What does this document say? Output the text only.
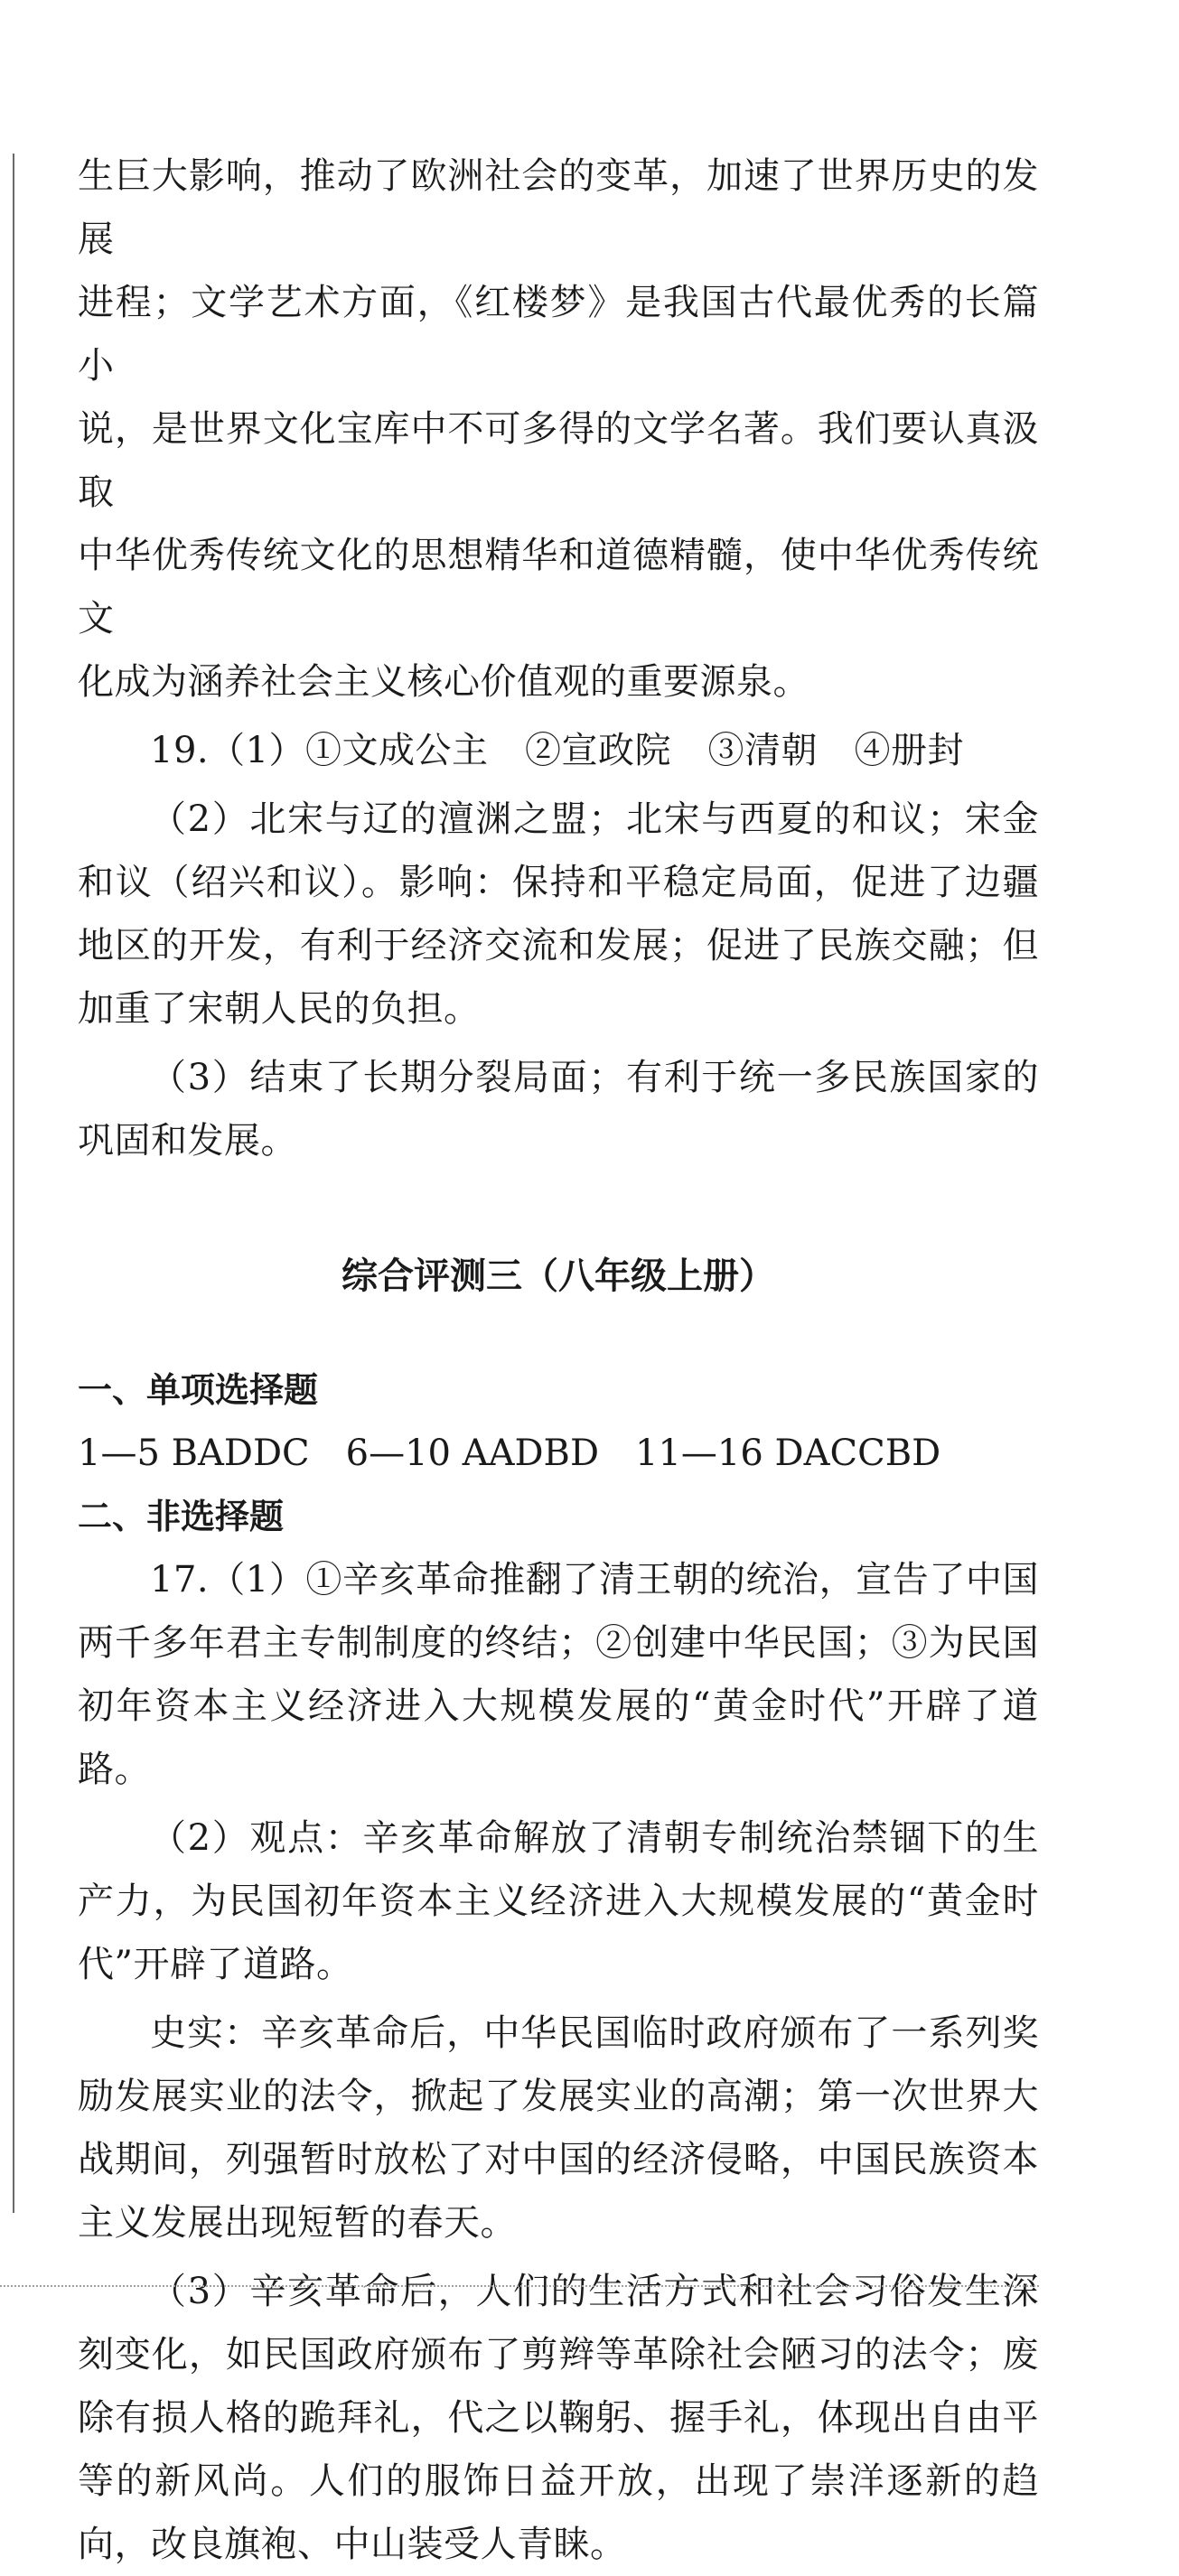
生巨大影响，推动了欧洲社会的变革，加速了世界历史的发展

进程；文学艺术方面，《红楼梦》是我国古代最优秀的长篇小

说，是世界文化宝库中不可多得的文学名著。我们要认真汲取

中华优秀传统文化的思想精华和道德精髓，使中华优秀传统文

化成为涵养社会主义核心价值观的重要源泉。

19.（1）①文成公主　②宣政院　③清朝　④册封

（2）北宋与辽的澶渊之盟；北宋与西夏的和议；宋金和议（绍兴和议）。影响：保持和平稳定局面，促进了边疆地区的开发，有利于经济交流和发展；促进了民族交融；但加重了宋朝人民的负担。

（3）结束了长期分裂局面；有利于统一多民族国家的巩固和发展。

综合评测三（八年级上册）

一、单项选择题

1—5 BADDC　6—10 AADBD　11—16 DACCBD

二、非选择题

17.（1）①辛亥革命推翻了清王朝的统治，宣告了中国两千多年君主专制制度的终结；②创建中华民国；③为民国初年资本主义经济进入大规模发展的“黄金时代”开辟了道路。

（2）观点：辛亥革命解放了清朝专制统治禁锢下的生产力，为民国初年资本主义经济进入大规模发展的“黄金时代”开辟了道路。

史实：辛亥革命后，中华民国临时政府颁布了一系列奖励发展实业的法令，掀起了发展实业的高潮；第一次世界大战期间，列强暂时放松了对中国的经济侵略，中国民族资本主义发展出现短暂的春天。

（3）辛亥革命后，人们的生活方式和社会习俗发生深刻变化，如民国政府颁布了剪辫等革除社会陋习的法令；废除有损人格的跪拜礼，代之以鞠躬、握手礼，体现出自由平等的新风尚。人们的服饰日益开放，出现了崇洋逐新的趋向，改良旗袍、中山装受人青睐。
